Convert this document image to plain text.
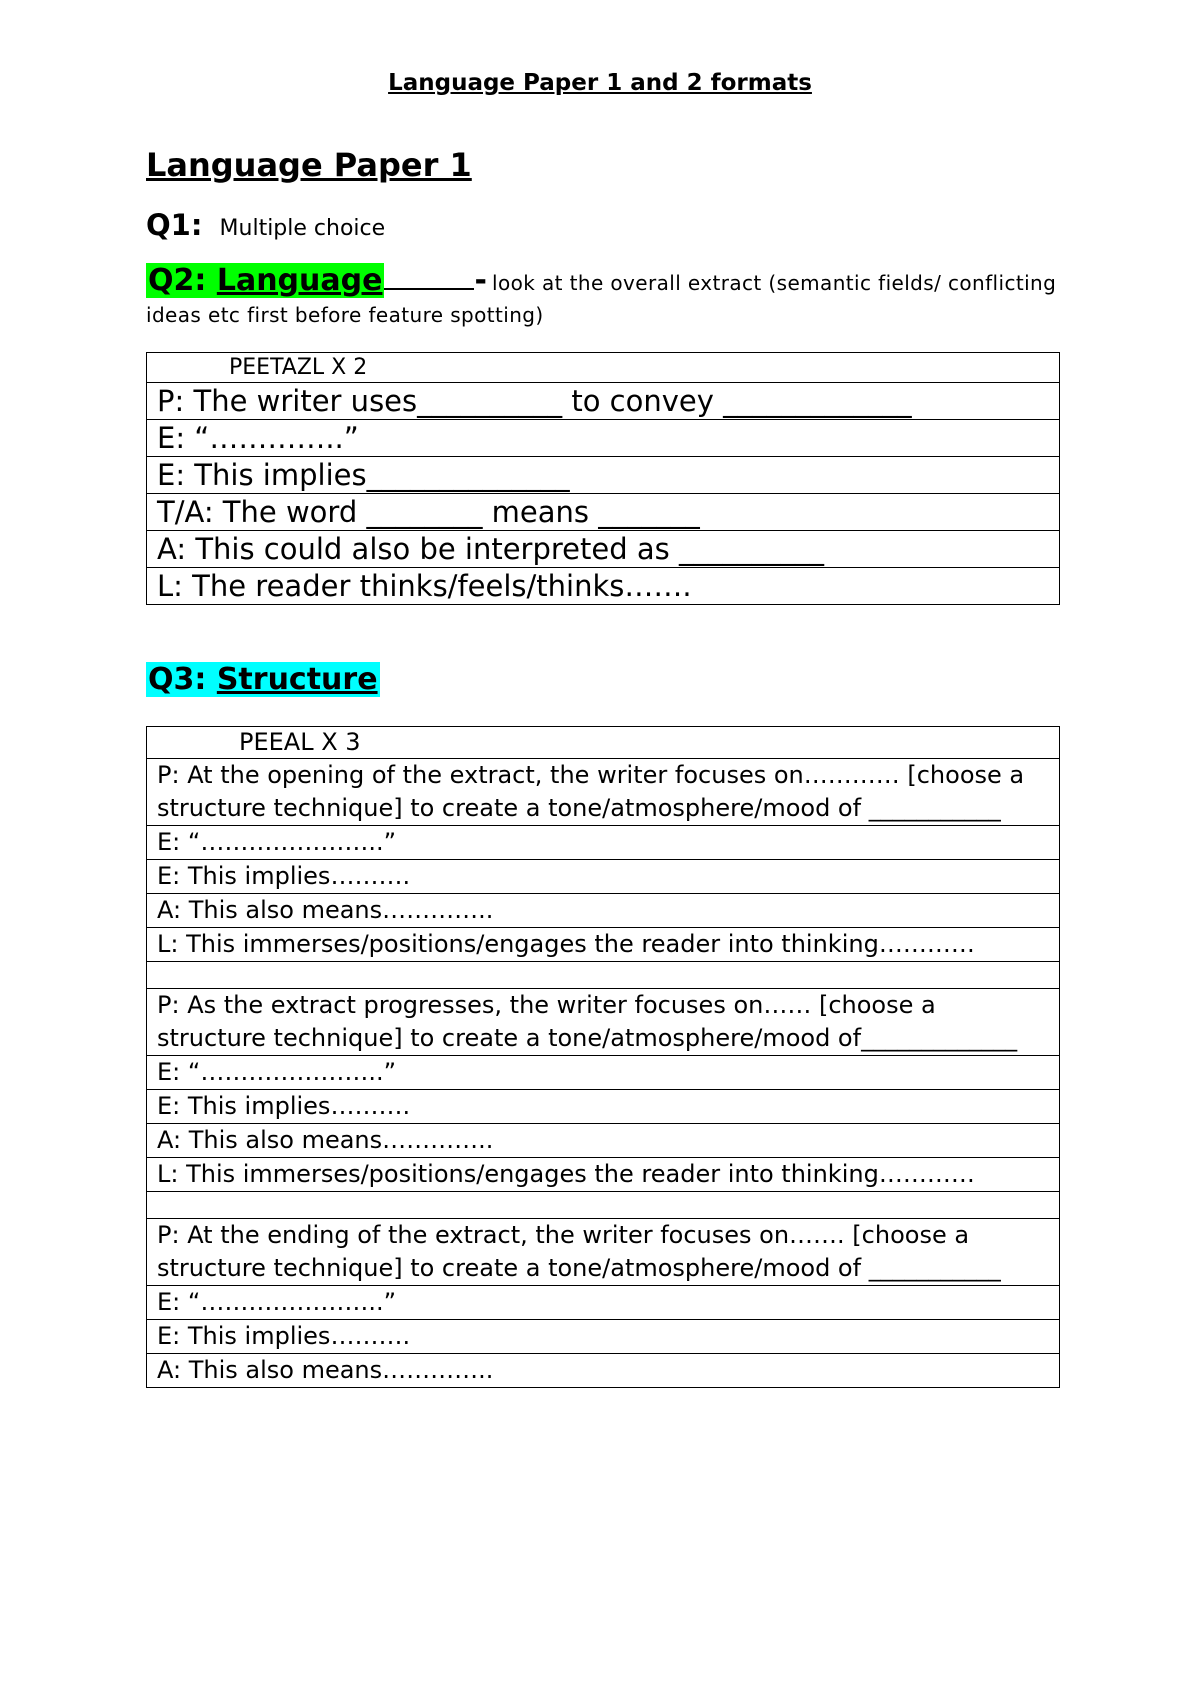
Language Paper 1 and 2 formats
Language Paper 1
Q1: Multiple choice
Q2: Language	- look at the overall extract (semantic fields/ conflicting ideas etc first before feature spotting)
PEETAZL X 2
P: The writer uses__________ to convey _____________
E: “…………..”
E: This implies______________
T/A: The word ________ means _______
A: This could also be interpreted as __________
L: The reader thinks/feels/thinks…….
Q3: Structure
PEEAL X 3
P: At the opening of the extract, the writer focuses on………… [choose a structure technique] to create a tone/atmosphere/mood of ___________
E: “…………………..”
E: This implies……….
A: This also means…………..
L: This immerses/positions/engages the reader into thinking…………

P: As the extract progresses, the writer focuses on…… [choose a structure technique] to create a tone/atmosphere/mood of_____________
E: “…………………..”
E: This implies……….
A: This also means…………..
L: This immerses/positions/engages the reader into thinking…………

P: At the ending of the extract, the writer focuses on……. [choose a structure technique] to create a tone/atmosphere/mood of ___________
E: “…………………..”
E: This implies……….
A: This also means…………..
